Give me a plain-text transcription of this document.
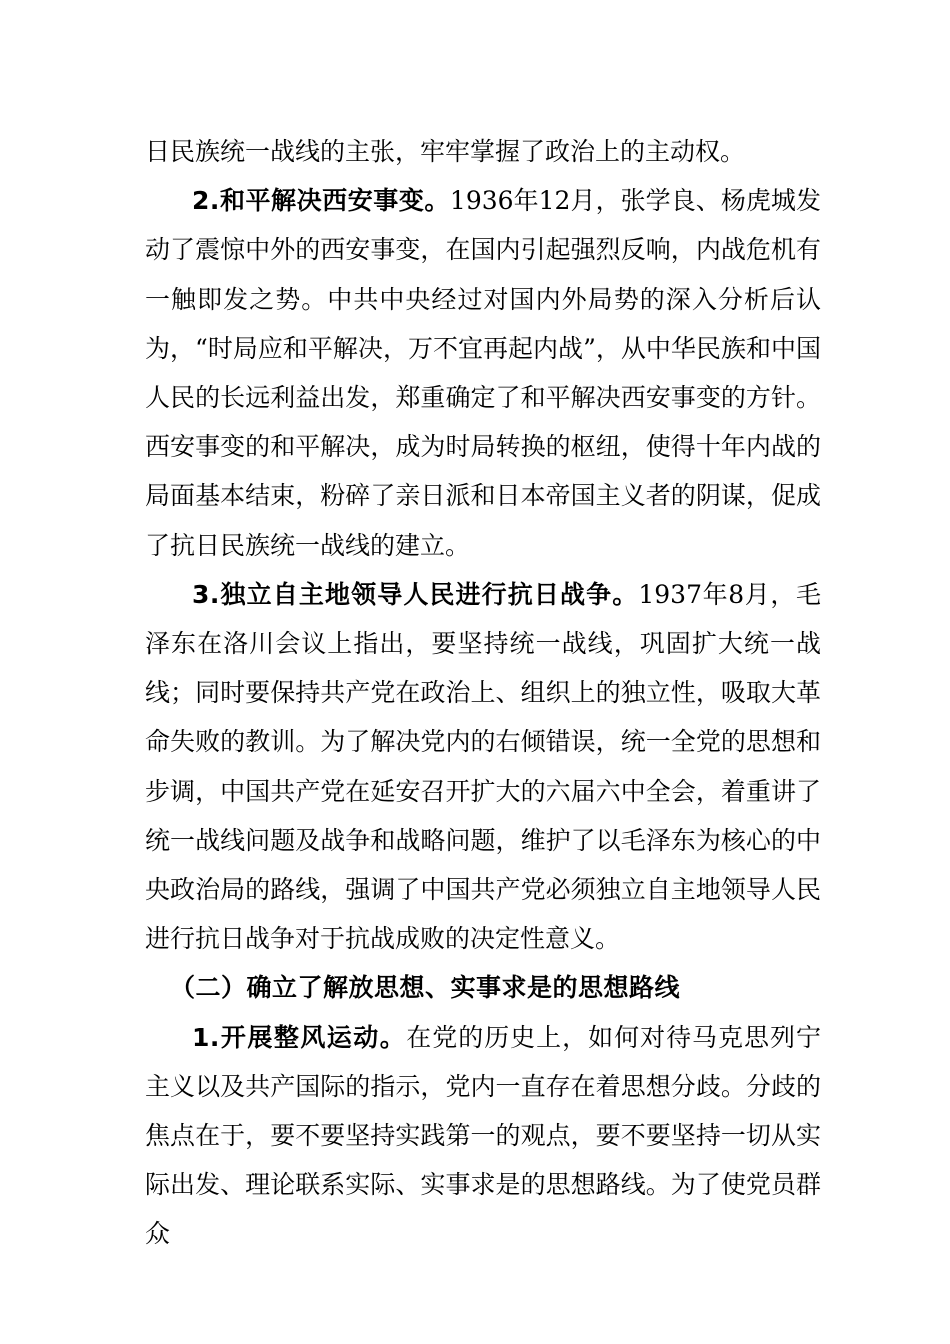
日民族统一战线的主张，牢牢掌握了政治上的主动权。

2.和平解决西安事变。1936年12月，张学良、杨虎城发动了震惊中外的西安事变，在国内引起强烈反响，内战危机有一触即发之势。中共中央经过对国内外局势的深入分析后认为，“时局应和平解决，万不宜再起内战”，从中华民族和中国人民的长远利益出发，郑重确定了和平解决西安事变的方针。西安事变的和平解决，成为时局转换的枢纽，使得十年内战的局面基本结束，粉碎了亲日派和日本帝国主义者的阴谋，促成了抗日民族统一战线的建立。

3.独立自主地领导人民进行抗日战争。1937年8月，毛泽东在洛川会议上指出，要坚持统一战线，巩固扩大统一战线；同时要保持共产党在政治上、组织上的独立性，吸取大革命失败的教训。为了解决党内的右倾错误，统一全党的思想和步调，中国共产党在延安召开扩大的六届六中全会，着重讲了统一战线问题及战争和战略问题，维护了以毛泽东为核心的中央政治局的路线，强调了中国共产党必须独立自主地领导人民进行抗日战争对于抗战成败的决定性意义。

（二）确立了解放思想、实事求是的思想路线

1.开展整风运动。在党的历史上，如何对待马克思列宁主义以及共产国际的指示，党内一直存在着思想分歧。分歧的焦点在于，要不要坚持实践第一的观点，要不要坚持一切从实际出发、理论联系实际、实事求是的思想路线。为了使党员群众
